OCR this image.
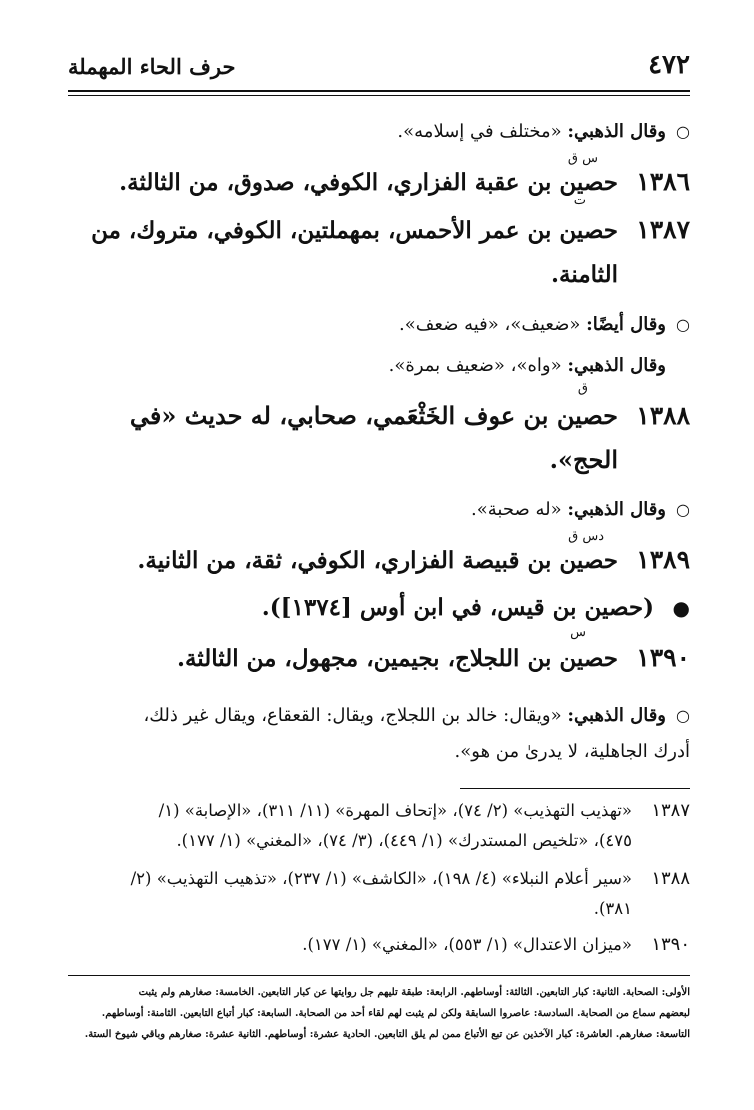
٤٧٢
حرف الحاء المهملة
○وقال الذهبي: «مختلف في إسلامه».
س ق
١٣٨٦حصين بن عقبة الفزاري، الكوفي، صدوق، من الثالثة.
ت
١٣٨٧حصين بن عمر الأحمس، بمهملتين، الكوفي، متروك، من
الثامنة.
○وقال أيضًا: «ضعيف»، «فيه ضعف».
وقال الذهبي: «واه»، «ضعيف بمرة».
ق
١٣٨٨حصين بن عوف الخَثْعَمي، صحابي، له حديث «في
الحج».
○وقال الذهبي: «له صحبة».
دس ق
١٣٨٩حصين بن قبيصة الفزاري، الكوفي، ثقة، من الثانية.
●(حصين بن قيس، في ابن أوس [١٣٧٤]).
س
١٣٩٠حصين بن اللجلاج، بجيمين، مجهول، من الثالثة.
○وقال الذهبي: «ويقال: خالد بن اللجلاج، ويقال: القعقاع، ويقال غير ذلك،
أدرك الجاهلية، لا يدرىٰ من هو».
١٣٨٧«تهذيب التهذيب» (٢/ ٧٤)، «إتحاف المهرة» (١١/ ٣١١)، «الإصابة» (١/
٤٧٥)، «تلخيص المستدرك» (١/ ٤٤٩)، (٣/ ٧٤)، «المغني» (١/ ١٧٧).
١٣٨٨«سير أعلام النبلاء» (٤/ ١٩٨)، «الكاشف» (١/ ٢٣٧)، «تذهيب التهذيب» (٢/
٣٨١).
١٣٩٠«ميزان الاعتدال» (١/ ٥٥٣)، «المغني» (١/ ١٧٧).
الأولى: الصحابة. الثانية: كبار التابعين. الثالثة: أوساطهم. الرابعة: طبقة تليهم جل روايتها عن كبار التابعين. الخامسة: صغارهم ولم يثبت
لبعضهم سماع من الصحابة. السادسة: عاصروا السابقة ولكن لم يثبت لهم لقاء أحد من الصحابة. السابعة: كبار أتباع التابعين. الثامنة: أوساطهم.
التاسعة: صغارهم. العاشرة: كبار الآخذين عن تبع الأتباع ممن لم يلق التابعين. الحادية عشرة: أوساطهم. الثانية عشرة: صغارهم وباقي شيوخ الستة.
